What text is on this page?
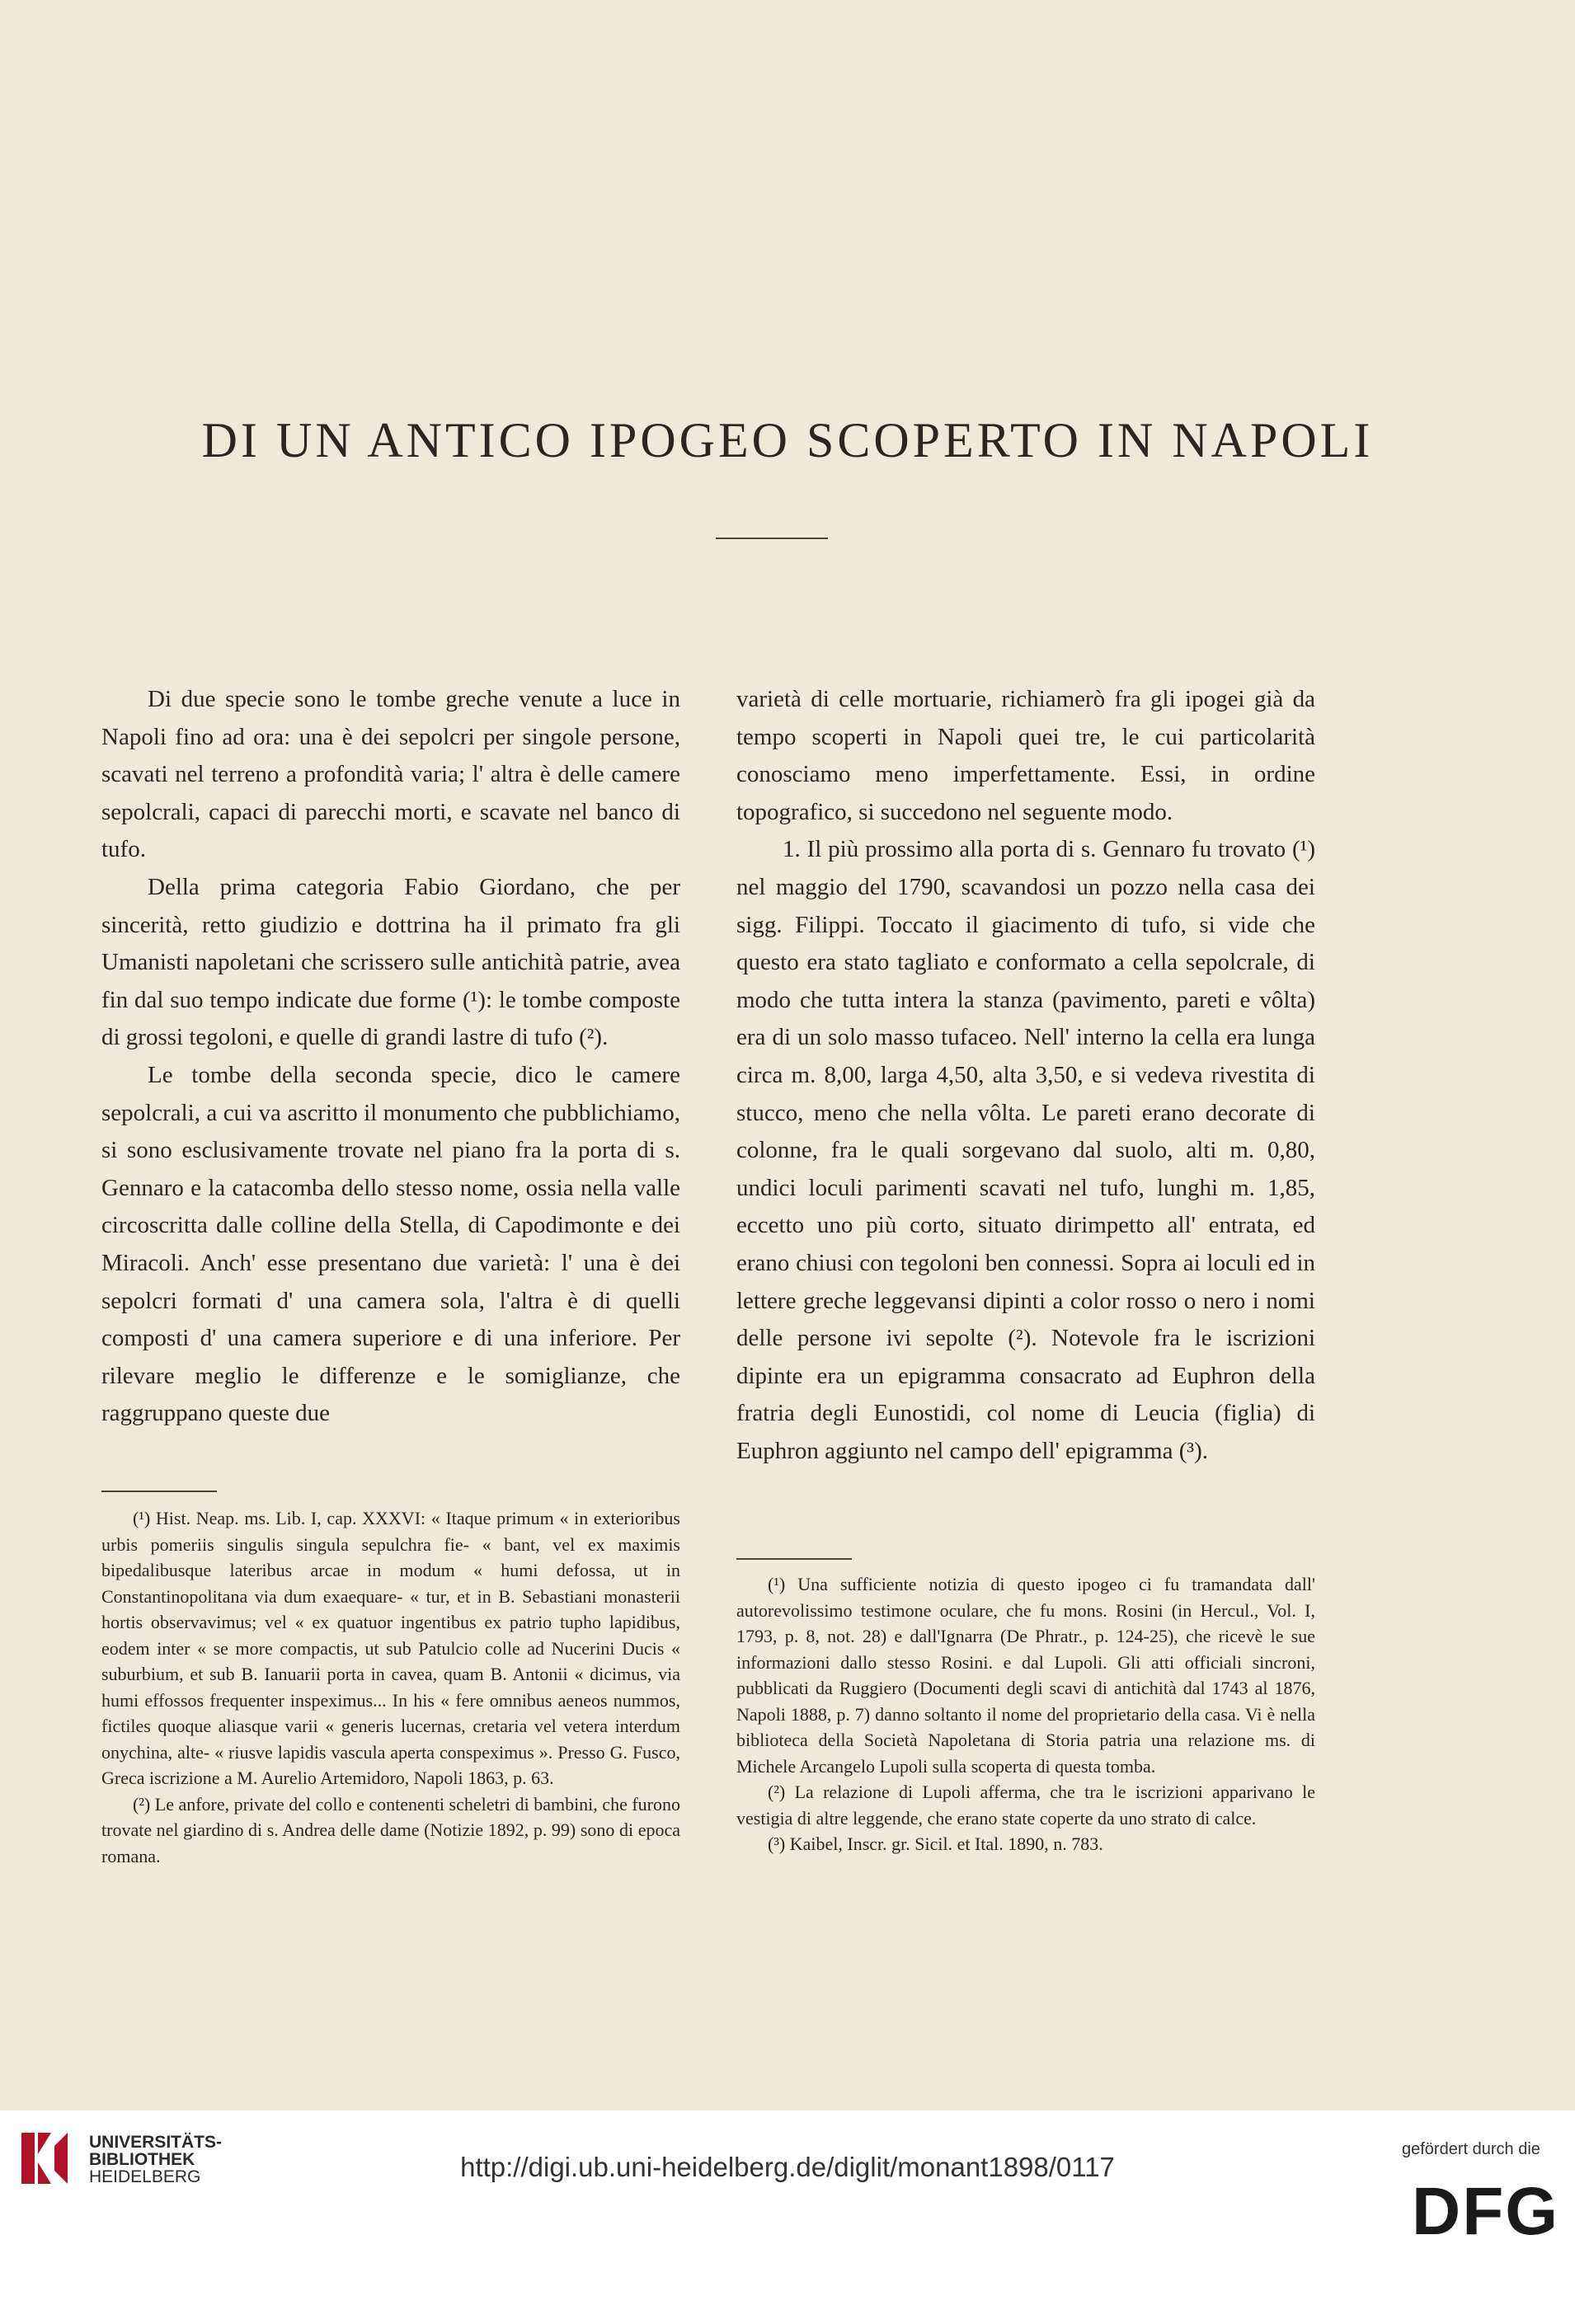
DI UN ANTICO IPOGEO SCOPERTO IN NAPOLI

Di due specie sono le tombe greche venute a luce in Napoli fino ad ora: una è dei sepolcri per singole persone, scavati nel terreno a profondità varia; l' altra è delle camere sepolcrali, capaci di parecchi morti, e scavate nel banco di tufo.

Della prima categoria Fabio Giordano, che per sincerità, retto giudizio e dottrina ha il primato fra gli Umanisti napoletani che scrissero sulle antichità patrie, avea fin dal suo tempo indicate due forme (¹): le tombe composte di grossi tegoloni, e quelle di grandi lastre di tufo (²).

Le tombe della seconda specie, dico le camere sepolcrali, a cui va ascritto il monumento che pubblichiamo, si sono esclusivamente trovate nel piano fra la porta di s. Gennaro e la catacomba dello stesso nome, ossia nella valle circoscritta dalle colline della Stella, di Capodimonte e dei Miracoli. Anch' esse presentano due varietà: l' una è dei sepolcri formati d' una camera sola, l'altra è di quelli composti d' una camera superiore e di una inferiore. Per rilevare meglio le differenze e le somiglianze, che raggruppano queste due

varietà di celle mortuarie, richiamerò fra gli ipogei già da tempo scoperti in Napoli quei tre, le cui particolarità conosciamo meno imperfettamente. Essi, in ordine topografico, si succedono nel seguente modo.

1. Il più prossimo alla porta di s. Gennaro fu trovato (¹) nel maggio del 1790, scavandosi un pozzo nella casa dei sigg. Filippi. Toccato il giacimento di tufo, si vide che questo era stato tagliato e conformato a cella sepolcrale, di modo che tutta intera la stanza (pavimento, pareti e vôlta) era di un solo masso tufaceo. Nell' interno la cella era lunga circa m. 8,00, larga 4,50, alta 3,50, e si vedeva rivestita di stucco, meno che nella vôlta. Le pareti erano decorate di colonne, fra le quali sorgevano dal suolo, alti m. 0,80, undici loculi parimenti scavati nel tufo, lunghi m. 1,85, eccetto uno più corto, situato dirimpetto all' entrata, ed erano chiusi con tegoloni ben connessi. Sopra ai loculi ed in lettere greche leggevansi dipinti a color rosso o nero i nomi delle persone ivi sepolte (²). Notevole fra le iscrizioni dipinte era un epigramma consacrato ad Euphron della fratria degli Eunostidi, col nome di Leucia (figlia) di Euphron aggiunto nel campo dell' epigramma (³).

(¹) Hist. Neap. ms. Lib. I, cap. XXXVI: « Itaque primum « in exterioribus urbis pomeriis singulis singula sepulchra fie- « bant, vel ex maximis bipedalibusque lateribus arcae in modum « humi defossa, ut in Constantinopolitana via dum exaequare- « tur, et in B. Sebastiani monasterii hortis observavimus; vel « ex quatuor ingentibus ex patrio tupho lapidibus, eodem inter « se more compactis, ut sub Patulcio colle ad Nucerini Ducis « suburbium, et sub B. Ianuarii porta in cavea, quam B. Antonii « dicimus, via humi effossos frequenter inspeximus... In his « fere omnibus aeneos nummos, fictiles quoque aliasque varii « generis lucernas, cretaria vel vetera interdum onychina, alte- « riusve lapidis vascula aperta conspeximus ». Presso G. Fusco, Greca iscrizione a M. Aurelio Artemidoro, Napoli 1863, p. 63.

(²) Le anfore, private del collo e contenenti scheletri di bambini, che furono trovate nel giardino di s. Andrea delle dame (Notizie 1892, p. 99) sono di epoca romana.

(¹) Una sufficiente notizia di questo ipogeo ci fu tramandata dall' autorevolissimo testimone oculare, che fu mons. Rosini (in Hercul., Vol. I, 1793, p. 8, not. 28) e dall'Ignarra (De Phratr., p. 124-25), che ricevè le sue informazioni dallo stesso Rosini. e dal Lupoli. Gli atti officiali sincroni, pubblicati da Ruggiero (Documenti degli scavi di antichità dal 1743 al 1876, Napoli 1888, p. 7) danno soltanto il nome del proprietario della casa. Vi è nella biblioteca della Società Napoletana di Storia patria una relazione ms. di Michele Arcangelo Lupoli sulla scoperta di questa tomba.

(²) La relazione di Lupoli afferma, che tra le iscrizioni apparivano le vestigia di altre leggende, che erano state coperte da uno strato di calce.

(³) Kaibel, Inscr. gr. Sicil. et Ital. 1890, n. 783.

UNIVERSITÄTS-
BIBLIOTHEK
HEIDELBERG	http://digi.ub.uni-heidelberg.de/diglit/monant1898/0117
gefördert durch die
DFG
